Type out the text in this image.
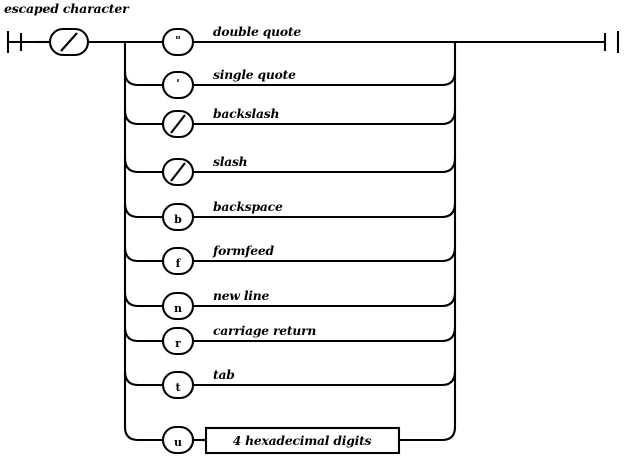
escaped character
"
double quote
'
single quote
backslash
slash
b
backspace
f
formfeed
n
new line
r
carriage return
t
tab
u	4 hexadecimal digits
